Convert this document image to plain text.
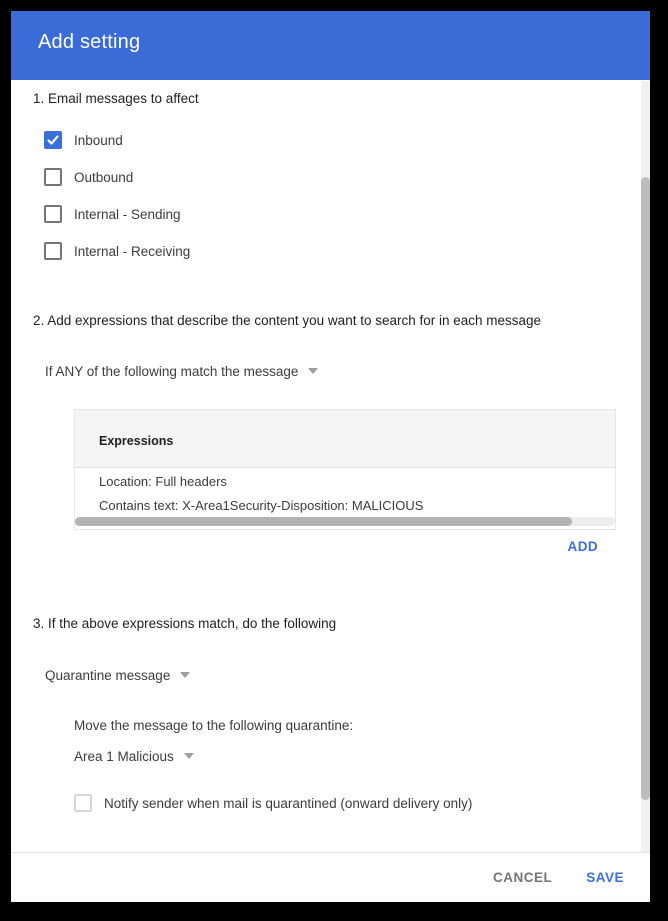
Add setting
1. Email messages to affect
Inbound
Outbound
Internal - Sending
Internal - Receiving
2. Add expressions that describe the content you want to search for in each message
If ANY of the following match the message
Expressions
Location: Full headers
Contains text: X-Area1Security-Disposition: MALICIOUS
ADD
3. If the above expressions match, do the following
Quarantine message
Move the message to the following quarantine:
Area 1 Malicious
Notify sender when mail is quarantined (onward delivery only)
CANCEL	SAVE
